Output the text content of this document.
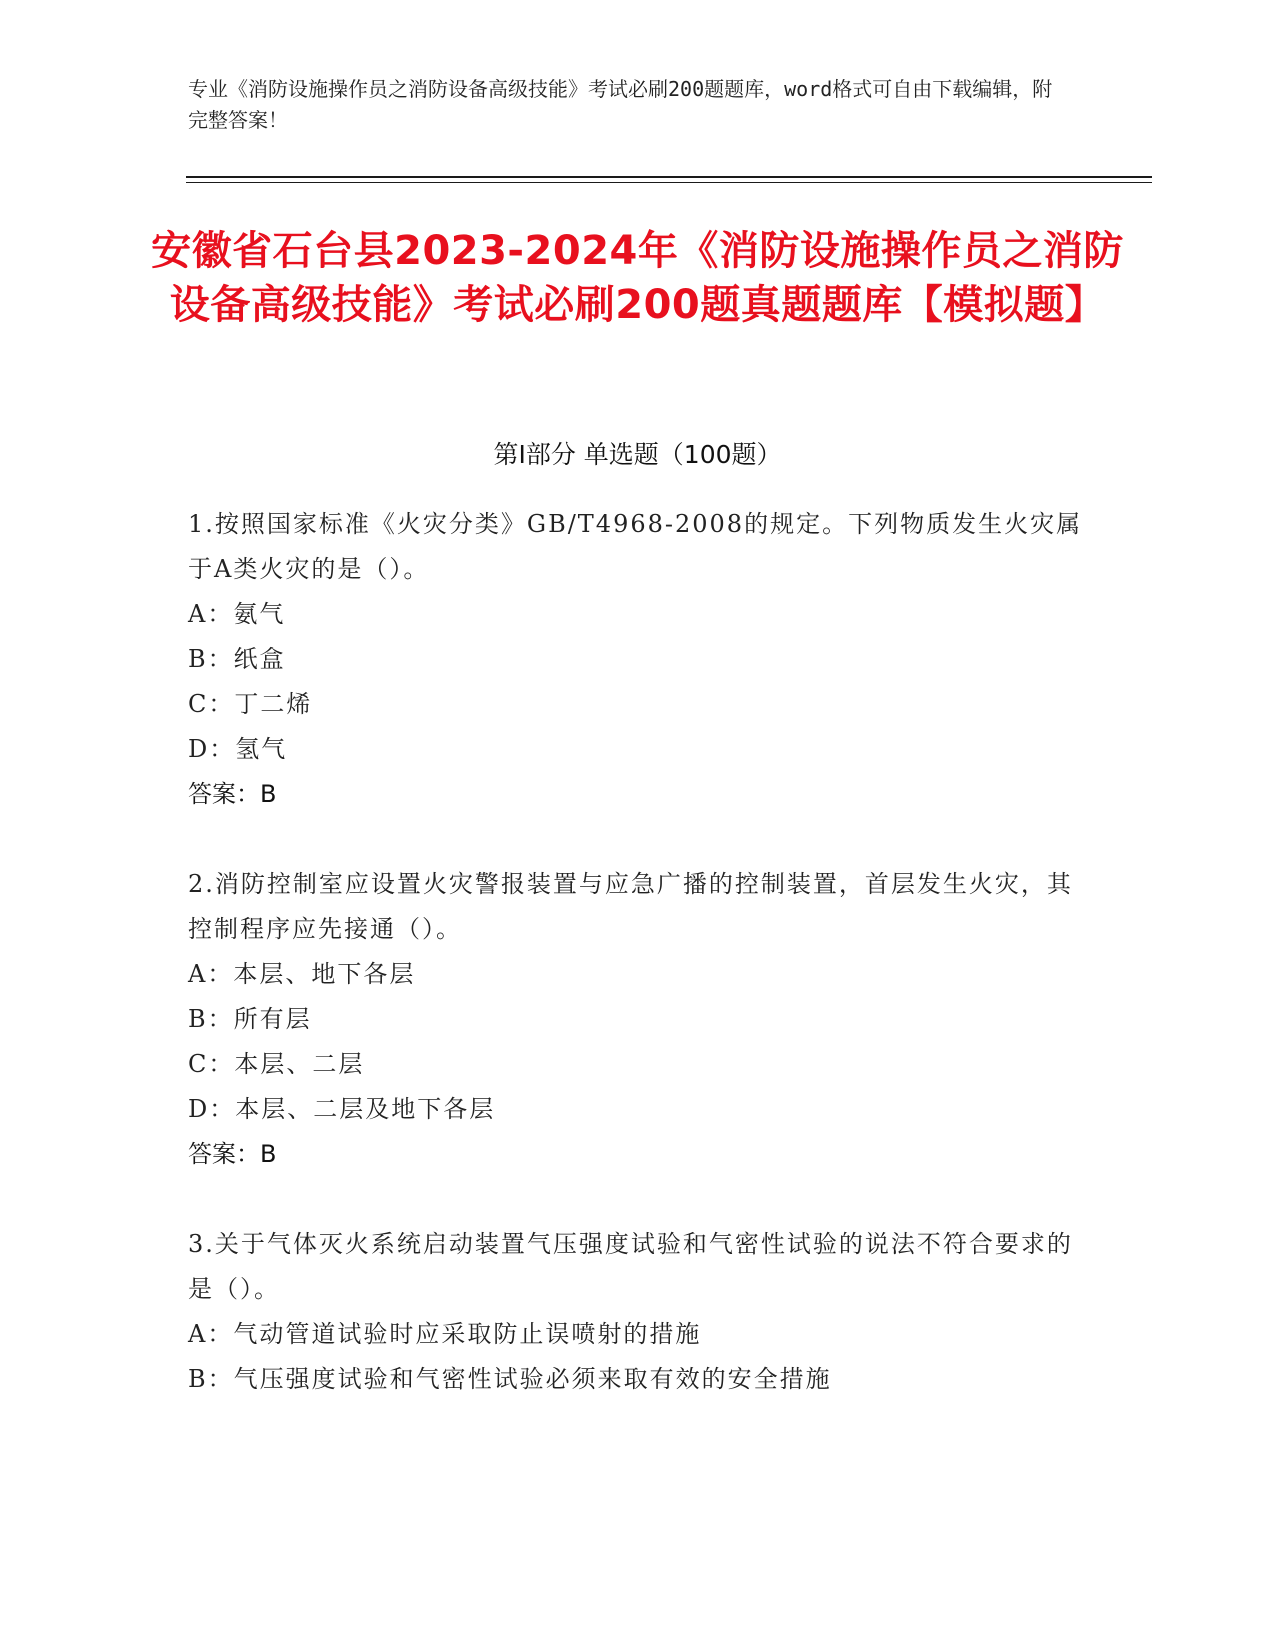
专业《消防设施操作员之消防设备高级技能》考试必刷200题题库，word格式可自由下载编辑，附完整答案！
安徽省石台县2023-2024年《消防设施操作员之消防设备高级技能》考试必刷200题真题题库【模拟题】
第Ⅰ部分 单选题（100题）

1.按照国家标准《火灾分类》GB/T4968-2008的规定。下列物质发生火灾属于A类火灾的是（）。

A：氨气

B：纸盒

C：丁二烯

D：氢气

答案：B

2.消防控制室应设置火灾警报装置与应急广播的控制装置，首层发生火灾，其控制程序应先接通（）。

A：本层、地下各层

B：所有层

C：本层、二层

D：本层、二层及地下各层

答案：B

3.关于气体灭火系统启动装置气压强度试验和气密性试验的说法不符合要求的是（）。

A：气动管道试验时应采取防止误喷射的措施

B：气压强度试验和气密性试验必须来取有效的安全措施
